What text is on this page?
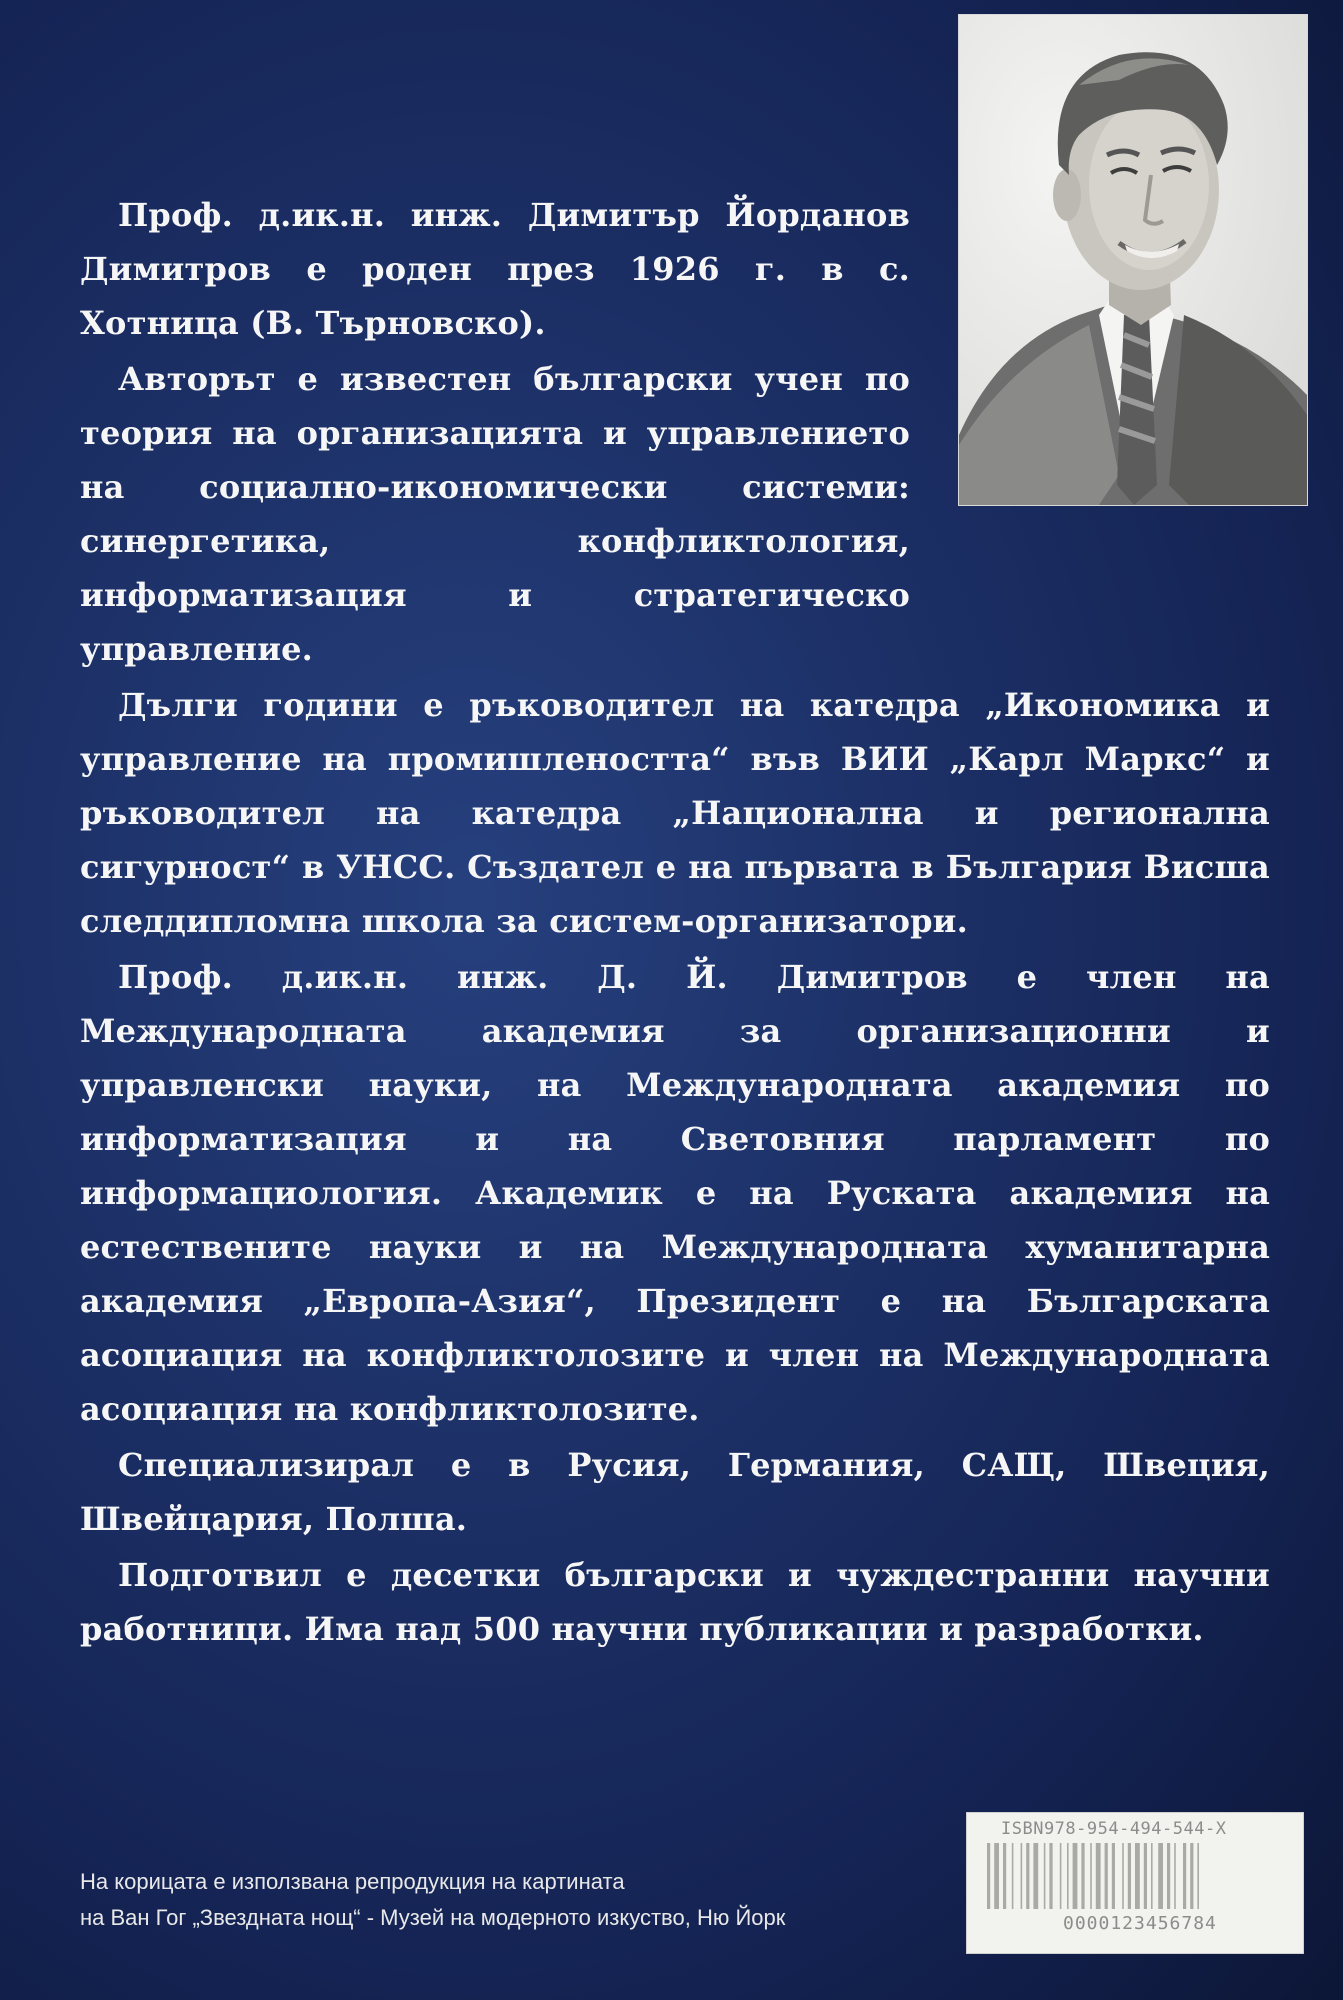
Проф. д.ик.н. инж. Димитър Йорданов Димитров е роден през 1926 г. в с. Хотница (В. Търновско).

Авторът е известен български учен по теория на организацията и управлението на социално-икономически системи: синергетика, конфликтология, информатизация и стратегическо управление.

Дълги години е ръководител на катедра „Икономика и управление на промишлеността“ във ВИИ „Карл Маркс“ и ръководител на катедра „Национална и регионална сигурност“ в УНСС. Създател е на първата в България Висша следдипломна школа за систем-организатори.

Проф. д.ик.н. инж. Д. Й. Димитров е член на Международната академия за организационни и управленски науки, на Международната академия по информатизация и на Световния парламент по информациология. Академик е на Руската академия на естествените науки и на Международната хуманитарна академия „Европа-Азия“, Президент е на Българската асоциация на конфликтолозите и член на Международната асоциация на конфликтолозите.

Специализирал е в Русия, Германия, САЩ, Швеция, Швейцария, Полша.

Подготвил е десетки български и чуждестранни научни работници. Има над 500 научни публикации и разработки.

На корицата е използвана репродукция на картината
на Ван Гог „Звездната нощ“ - Музей на модерното изкуство, Ню Йорк
ISBN978-954-494-544-X
0000123456784
